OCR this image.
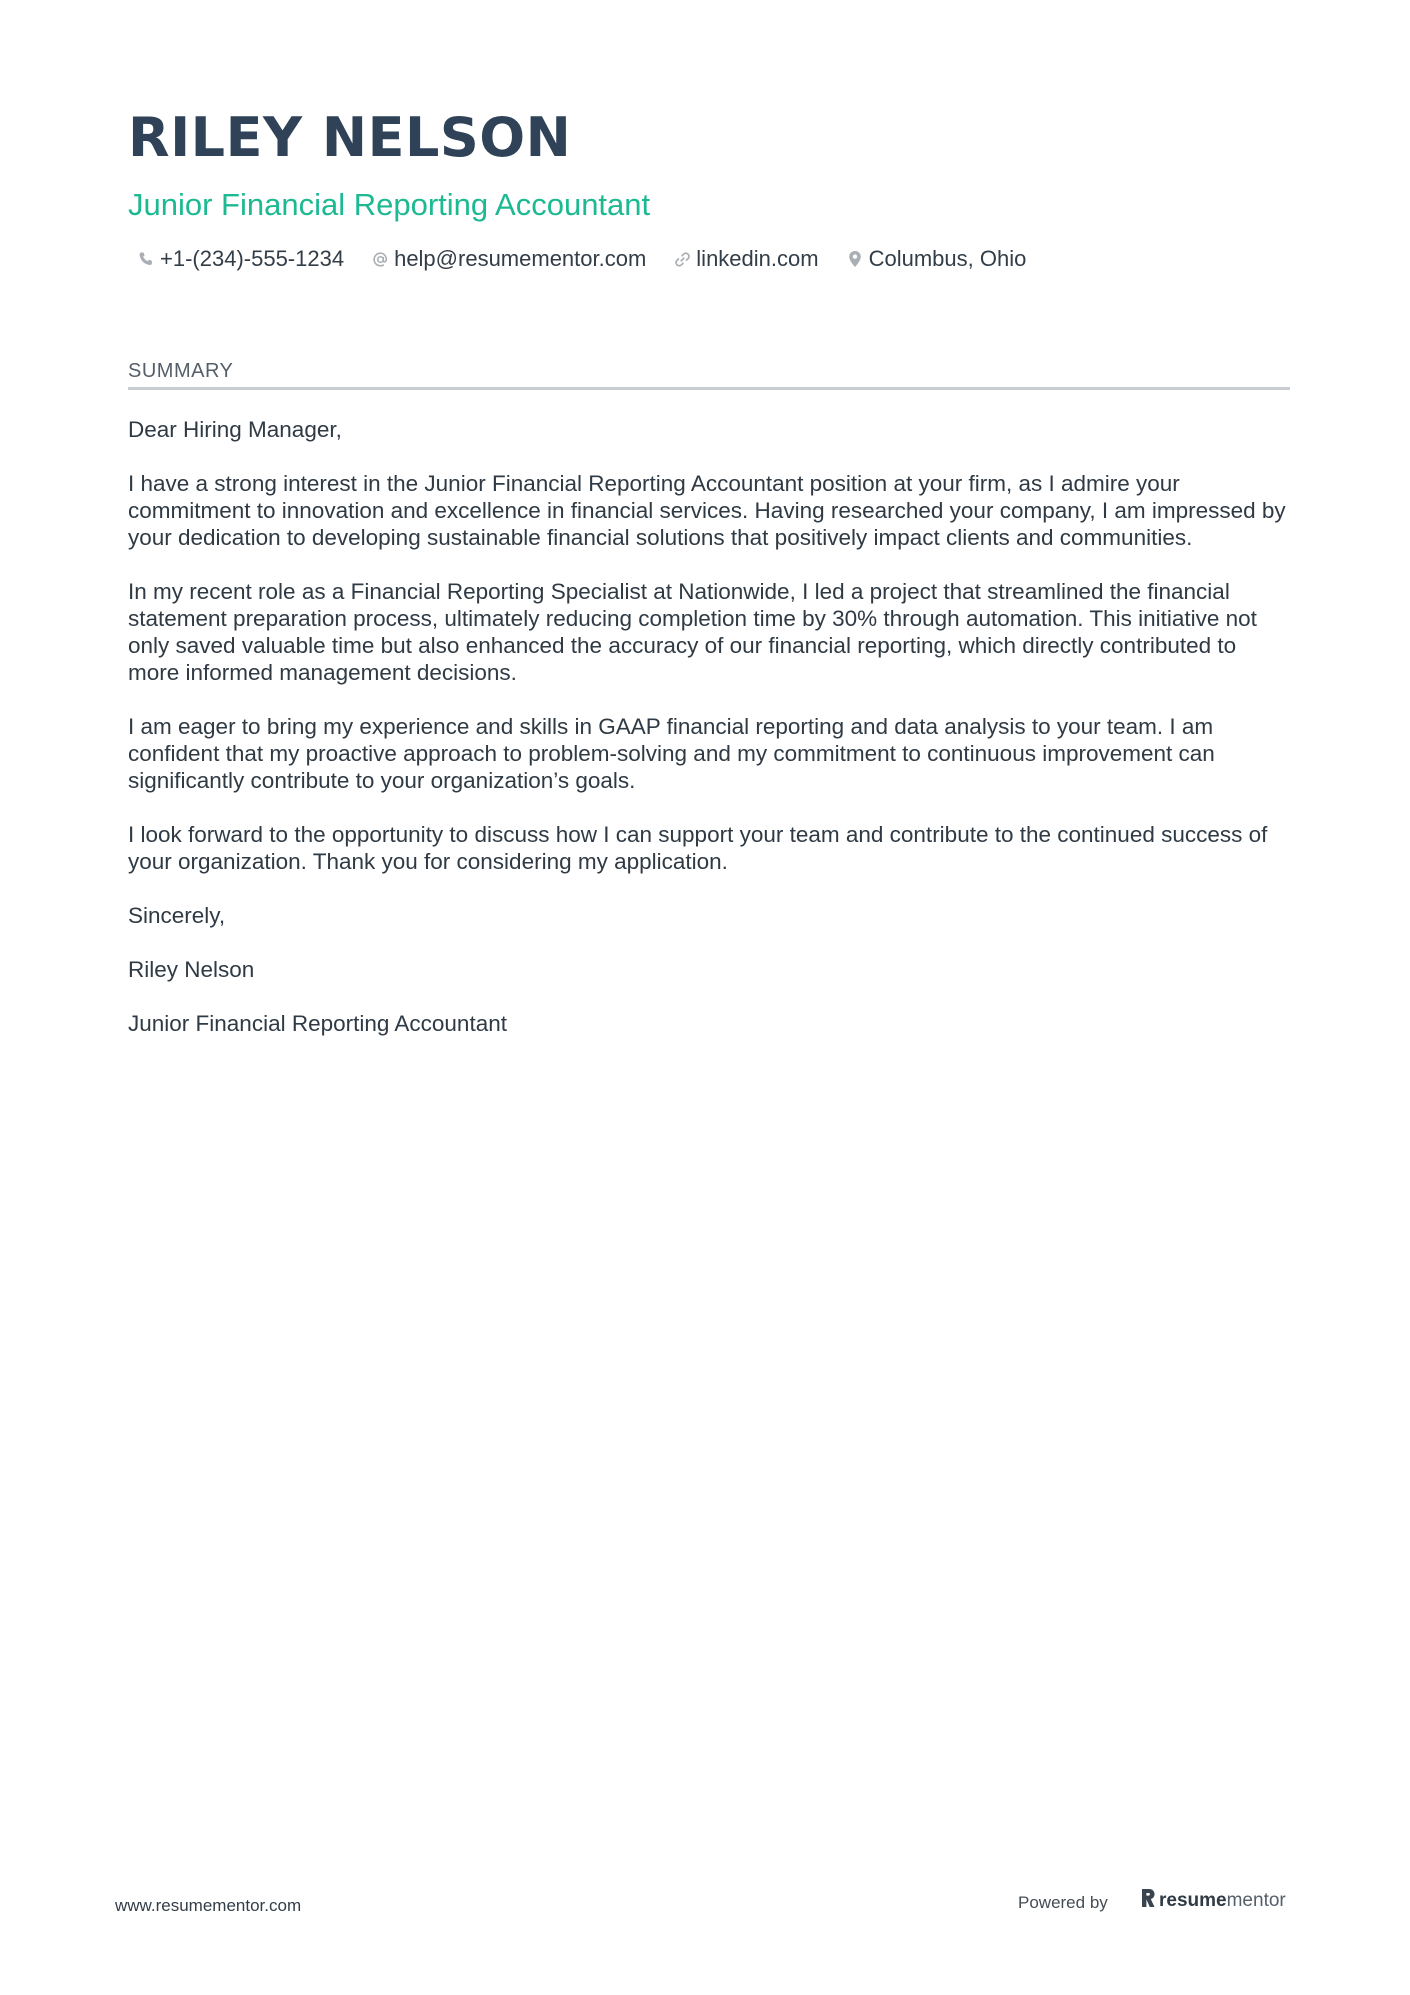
RILEY NELSON
Junior Financial Reporting Accountant
+1-(234)-555-1234 help@resumementor.com linkedin.com Columbus, Ohio
SUMMARY

Dear Hiring Manager,

I have a strong interest in the Junior Financial Reporting Accountant position at your firm, as I admire your commitment to innovation and excellence in financial services. Having researched your company, I am impressed by your dedication to developing sustainable financial solutions that positively impact clients and communities.

In my recent role as a Financial Reporting Specialist at Nationwide, I led a project that streamlined the financial statement preparation process, ultimately reducing completion time by 30% through automation. This initiative not only saved valuable time but also enhanced the accuracy of our financial reporting, which directly contributed to more informed management decisions.

I am eager to bring my experience and skills in GAAP financial reporting and data analysis to your team. I am confident that my proactive approach to problem-solving and my commitment to continuous improvement can significantly contribute to your organization’s goals.

I look forward to the opportunity to discuss how I can support your team and contribute to the continued success of your organization. Thank you for considering my application.

Sincerely,

Riley Nelson

Junior Financial Reporting Accountant

www.resumementor.com	Powered by	resume mentor
